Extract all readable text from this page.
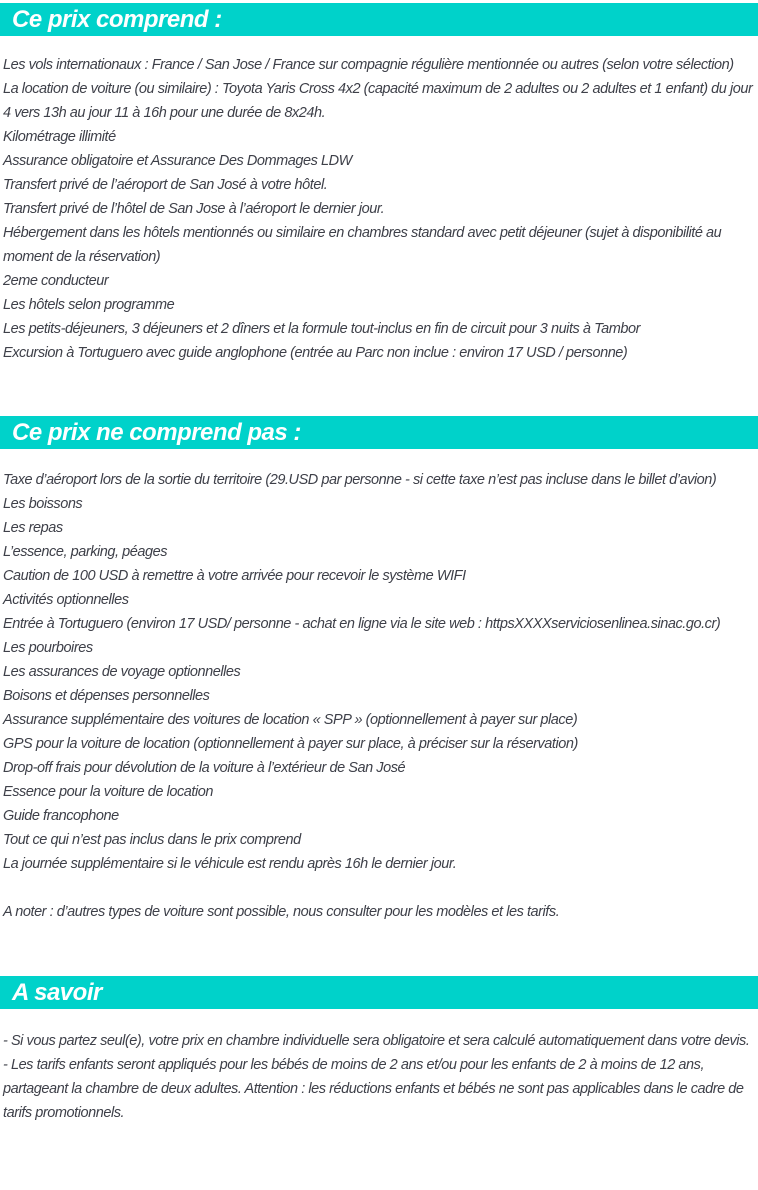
Ce prix comprend :

Les vols internationaux : France / San Jose / France sur compagnie régulière mentionnée ou autres (selon votre sélection)

La location de voiture (ou similaire) : Toyota Yaris Cross 4x2 (capacité maximum de 2 adultes ou 2 adultes et 1 enfant) du jour 4 vers 13h au jour 11 à 16h pour une durée de 8x24h.

Kilométrage illimité

Assurance obligatoire et Assurance Des Dommages LDW

Transfert privé de l’aéroport de San José à votre hôtel.

Transfert privé de l’hôtel de San Jose à l’aéroport le dernier jour.

Hébergement dans les hôtels mentionnés ou similaire en chambres standard avec petit déjeuner (sujet à disponibilité au moment de la réservation)

2eme conducteur

Les hôtels selon programme

Les petits-déjeuners, 3 déjeuners et 2 dîners et la formule tout-inclus en fin de circuit pour 3 nuits à Tambor

Excursion à Tortuguero avec guide anglophone (entrée au Parc non inclue : environ 17 USD / personne)

Ce prix ne comprend pas :

Taxe d’aéroport lors de la sortie du territoire (29.USD par personne - si cette taxe n’est pas incluse dans le billet d’avion)

Les boissons

Les repas

L’essence, parking, péages

Caution de 100 USD à remettre à votre arrivée pour recevoir le système WIFI

Activités optionnelles

Entrée à Tortuguero (environ 17 USD/ personne - achat en ligne via le site web : httpsXXXXserviciosenlinea.sinac.go.cr)

Les pourboires

Les assurances de voyage optionnelles

Boisons et dépenses personnelles

Assurance supplémentaire des voitures de location « SPP » (optionnellement à payer sur place)

GPS pour la voiture de location (optionnellement à payer sur place, à préciser sur la réservation)

Drop-off frais pour dévolution de la voiture à l’extérieur de San José

Essence pour la voiture de location

Guide francophone

Tout ce qui n’est pas inclus dans le prix comprend

La journée supplémentaire si le véhicule est rendu après 16h le dernier jour.

A noter : d’autres types de voiture sont possible, nous consulter pour les modèles et les tarifs.

A savoir

- Si vous partez seul(e), votre prix en chambre individuelle sera obligatoire et sera calculé automatiquement dans votre devis.

- Les tarifs enfants seront appliqués pour les bébés de moins de 2 ans et/ou pour les enfants de 2 à moins de 12 ans, partageant la chambre de deux adultes. Attention : les réductions enfants et bébés ne sont pas applicables dans le cadre de tarifs promotionnels.
